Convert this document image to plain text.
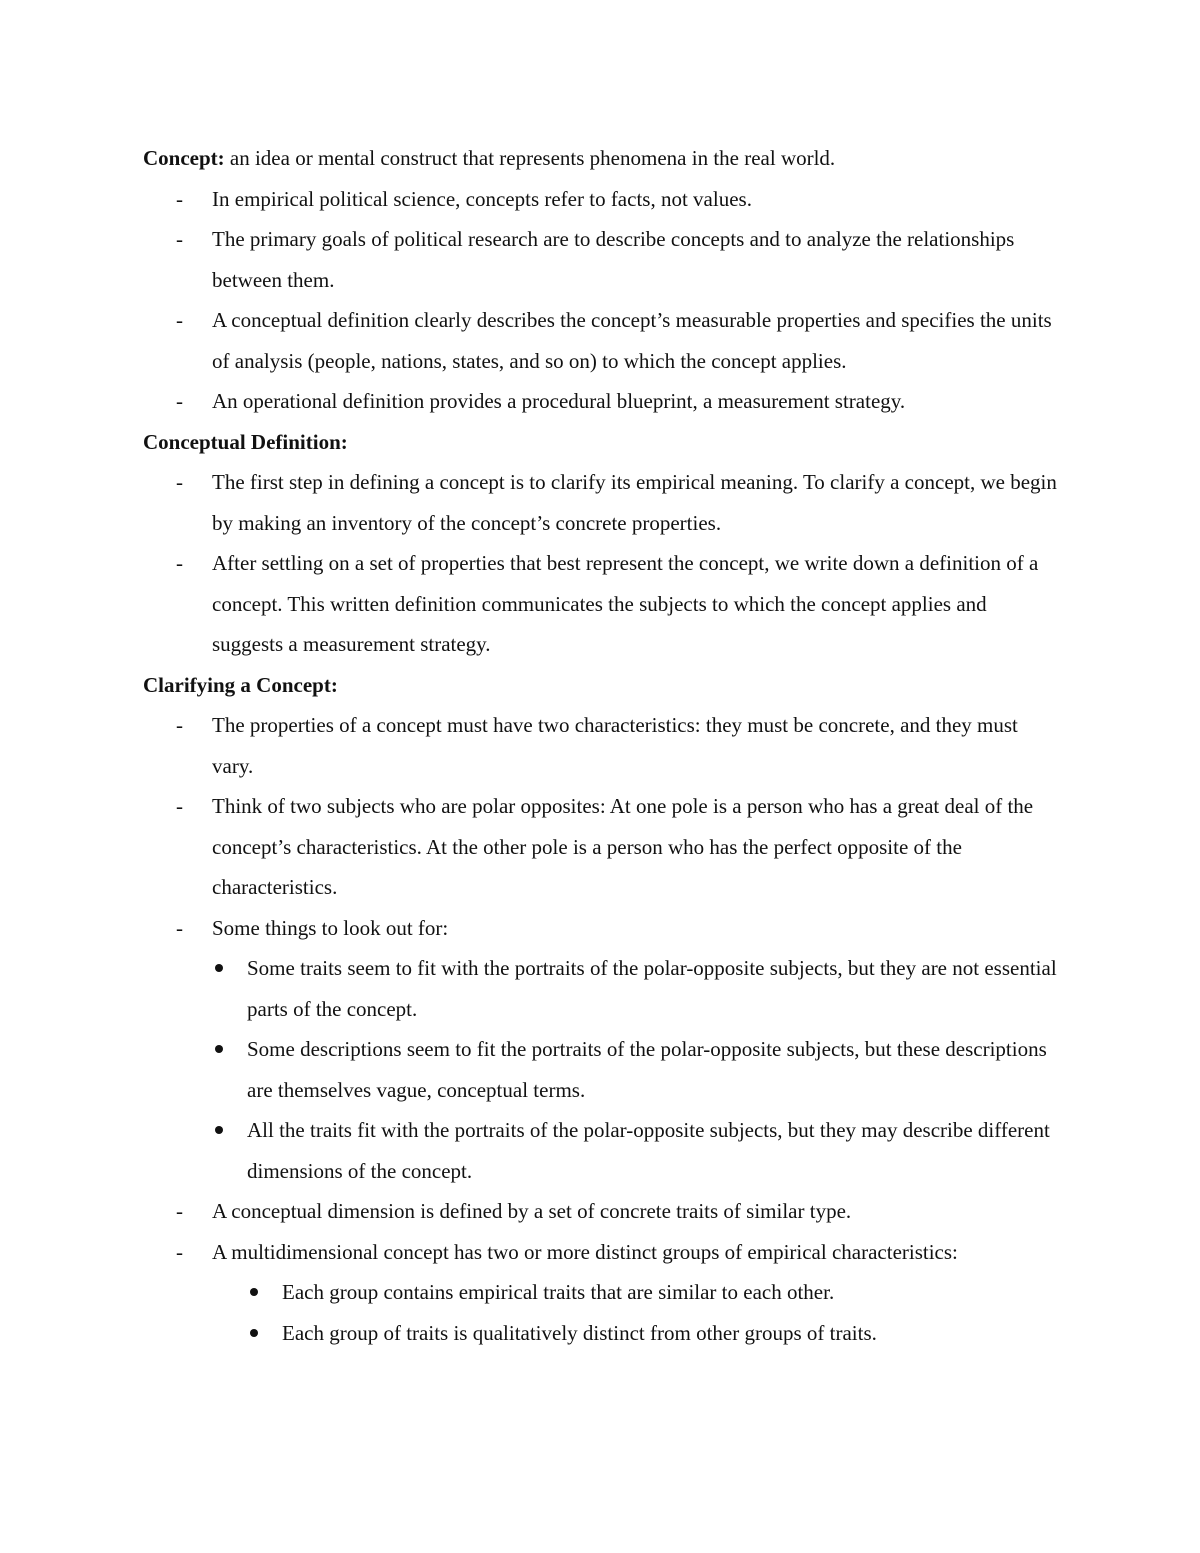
Concept: an idea or mental construct that represents phenomena in the real world.

- In empirical political science, concepts refer to facts, not values.
- The primary goals of political research are to describe concepts and to analyze the relationships between them.
- A conceptual definition clearly describes the concept’s measurable properties and specifies the units of analysis (people, nations, states, and so on) to which the concept applies.
- An operational definition provides a procedural blueprint, a measurement strategy.

Conceptual Definition:

- The first step in defining a concept is to clarify its empirical meaning. To clarify a concept, we begin by making an inventory of the concept’s concrete properties.
- After settling on a set of properties that best represent the concept, we write down a definition of a concept. This written definition communicates the subjects to which the concept applies and suggests a measurement strategy.

Clarifying a Concept:

- The properties of a concept must have two characteristics: they must be concrete, and they must vary.
- Think of two subjects who are polar opposites: At one pole is a person who has a great deal of the concept’s characteristics. At the other pole is a person who has the perfect opposite of the characteristics.
- Some things to look out for:
Some traits seem to fit with the portraits of the polar-opposite subjects, but they are not essential parts of the concept.
Some descriptions seem to fit the portraits of the polar-opposite subjects, but these descriptions are themselves vague, conceptual terms.
All the traits fit with the portraits of the polar-opposite subjects, but they may describe different dimensions of the concept.
- A conceptual dimension is defined by a set of concrete traits of similar type.
- A multidimensional concept has two or more distinct groups of empirical characteristics:
Each group contains empirical traits that are similar to each other.
Each group of traits is qualitatively distinct from other groups of traits.
